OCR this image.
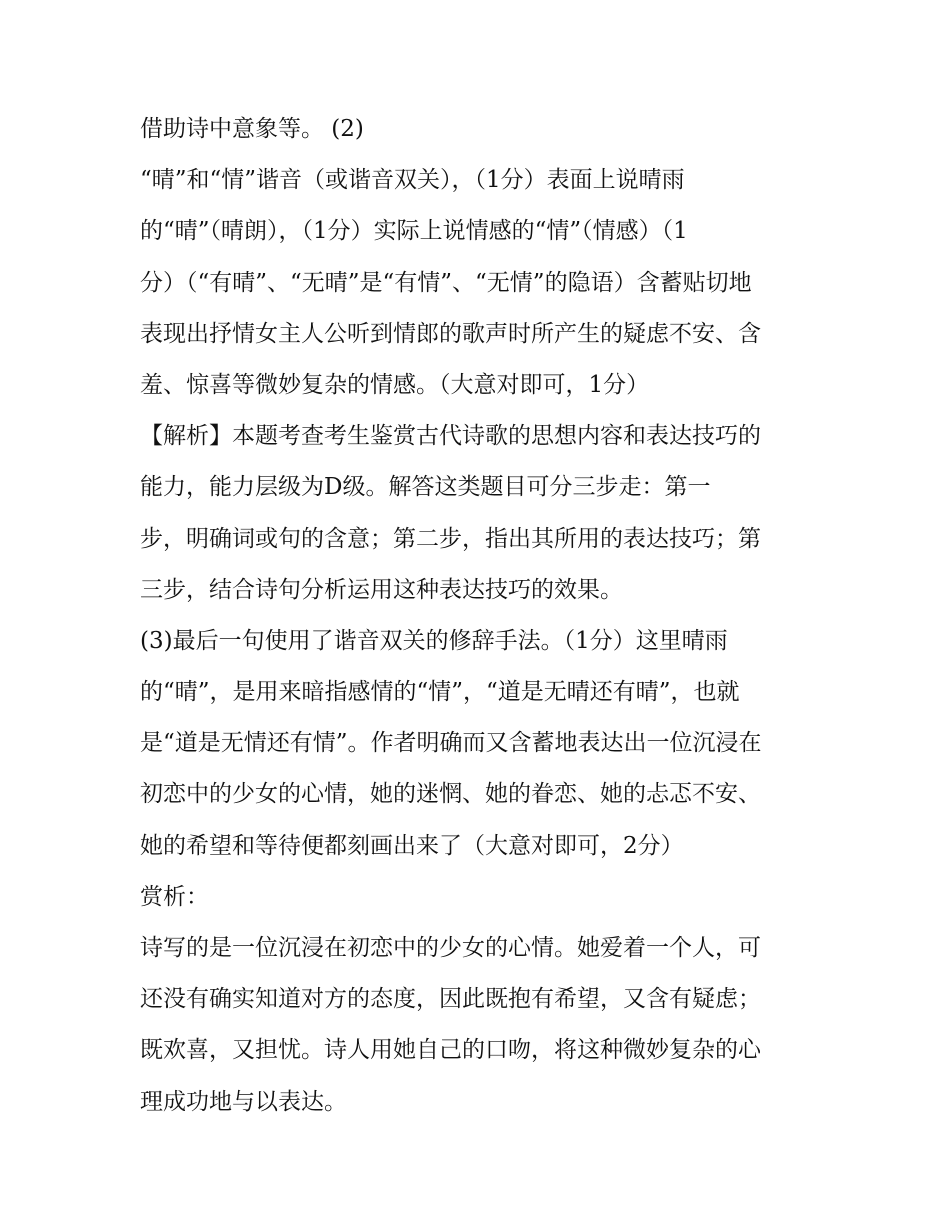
借助诗中意象等。 (2)
“晴”和“情”谐音（或谐音双关），（1分）表面上说晴雨
的“晴”（晴朗），（1分）实际上说情感的“情”（情感）（1
分）（“有晴”、“无晴”是“有情”、“无情”的隐语）含蓄贴切地
表现出抒情女主人公听到情郎的歌声时所产生的疑虑不安、含
羞、惊喜等微妙复杂的情感。（大意对即可，1分）
【解析】本题考查考生鉴赏古代诗歌的思想内容和表达技巧的
能力，能力层级为D级。解答这类题目可分三步走：第一
步，明确词或句的含意；第二步，指出其所用的表达技巧；第
三步，结合诗句分析运用这种表达技巧的效果。
(3)最后一句使用了谐音双关的修辞手法。（1分）这里晴雨
的“晴”，是用来暗指感情的“情”，“道是无晴还有晴”，也就
是“道是无情还有情”。作者明确而又含蓄地表达出一位沉浸在
初恋中的少女的心情，她的迷惘、她的眷恋、她的忐忑不安、
她的希望和等待便都刻画出来了（大意对即可，2分）
赏析：
诗写的是一位沉浸在初恋中的少女的心情。她爱着一个人，可
还没有确实知道对方的态度，因此既抱有希望，又含有疑虑；
既欢喜，又担忧。诗人用她自己的口吻，将这种微妙复杂的心
理成功地与以表达。
